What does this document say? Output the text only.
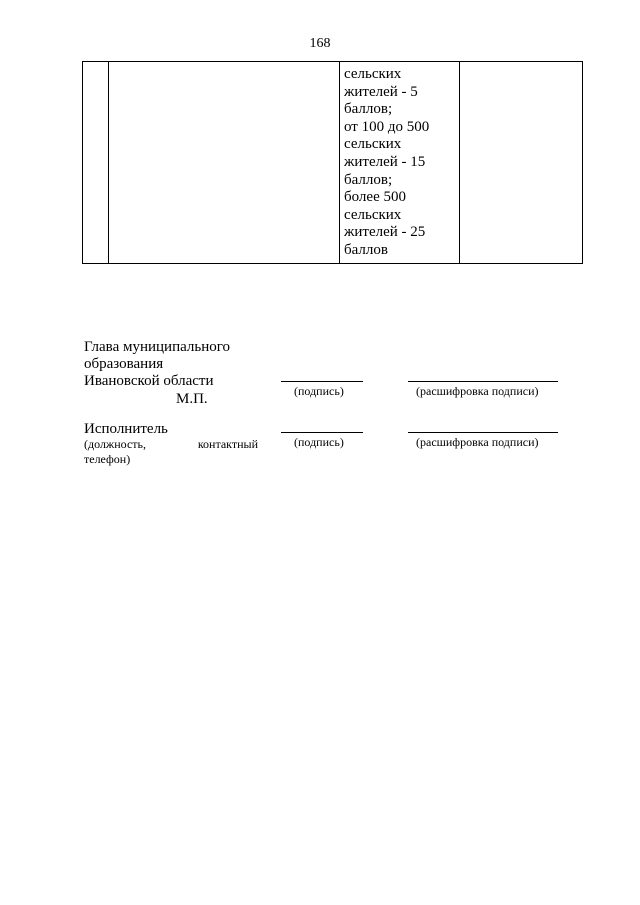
168
сельских
жителей - 5
баллов;
от 100 до 500
сельских
жителей - 15
баллов;
более 500
сельских
жителей - 25
баллов
Глава муниципального
образования
Ивановской области
М.П.	(подпись)	(расшифровка подписи)
Исполнитель
(должность,	контактный
телефон)
(подпись)	(расшифровка подписи)
